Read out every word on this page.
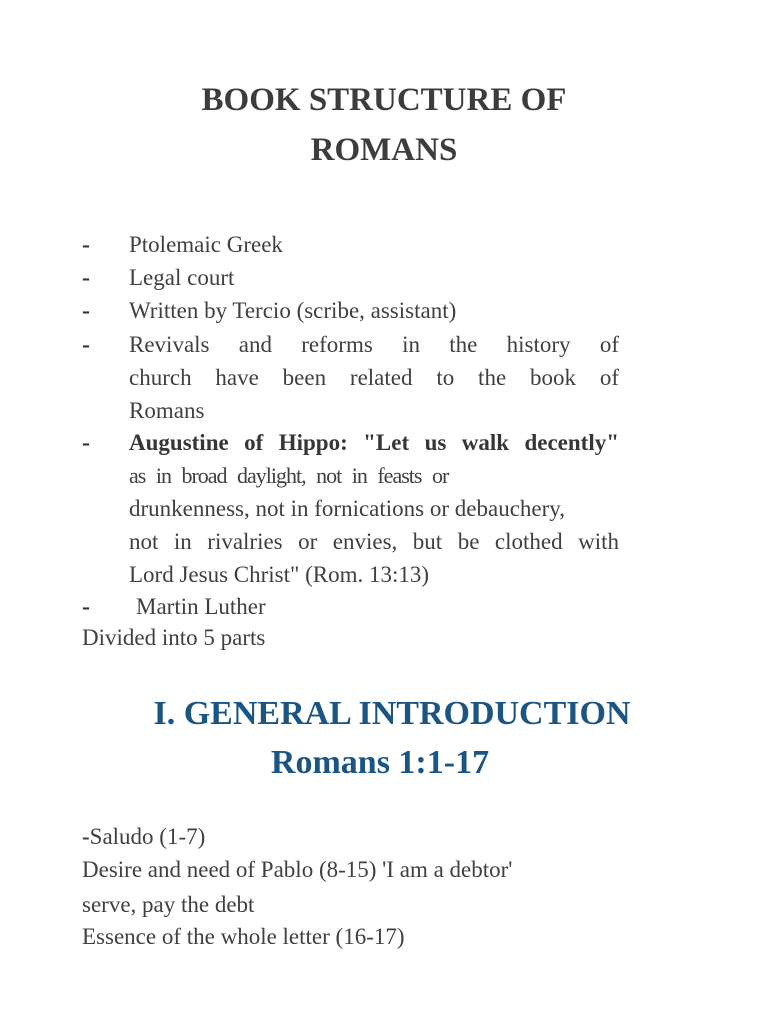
BOOK STRUCTURE OF
ROMANS
- Ptolemaic Greek
- Legal court
- Written by Tercio (scribe, assistant)
- Revivals and reforms in the history of
church have been related to the book of
Romans
- Augustine of Hippo: "Let us walk decently"
as in broad daylight, not in feasts or
drunkenness, not in fornications or debauchery,
not in rivalries or envies, but be clothed with
Lord Jesus Christ" (Rom. 13:13)
- Martin Luther
Divided into 5 parts
I. GENERAL INTRODUCTION
Romans 1:1-17
-Saludo (1-7)
Desire and need of Pablo (8-15) 'I am a debtor'
serve, pay the debt
Essence of the whole letter (16-17)
